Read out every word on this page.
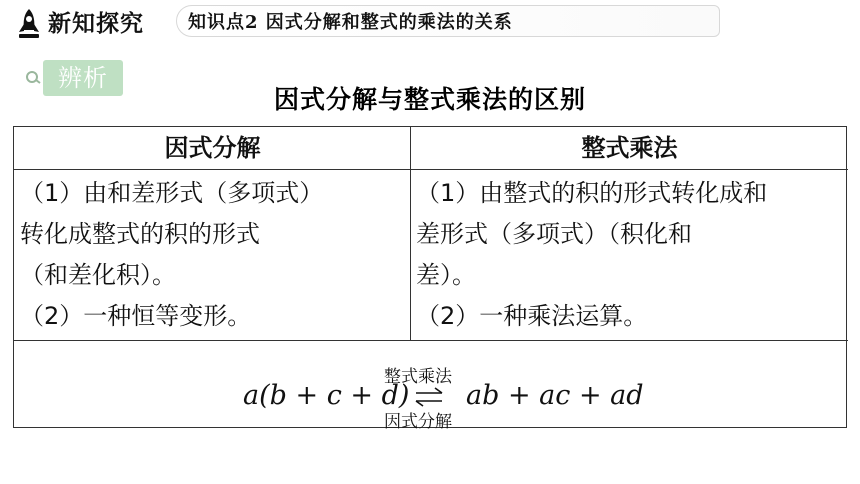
新知探究 知识点2 因式分解和整式的乘法的关系
辨析
因式分解与整式乘法的区别
因式分解	整式乘法
（1）由和差形式（多项式）
转化成整式的积的形式
（和差化积）。
（2）一种恒等变形。
（1）由整式的积的形式转化成和
差形式（多项式）（积化和
差）。
（2）一种乘法运算。
整式乘法
a(b + c + d) ⇌ ab + ac + ad
因式分解
